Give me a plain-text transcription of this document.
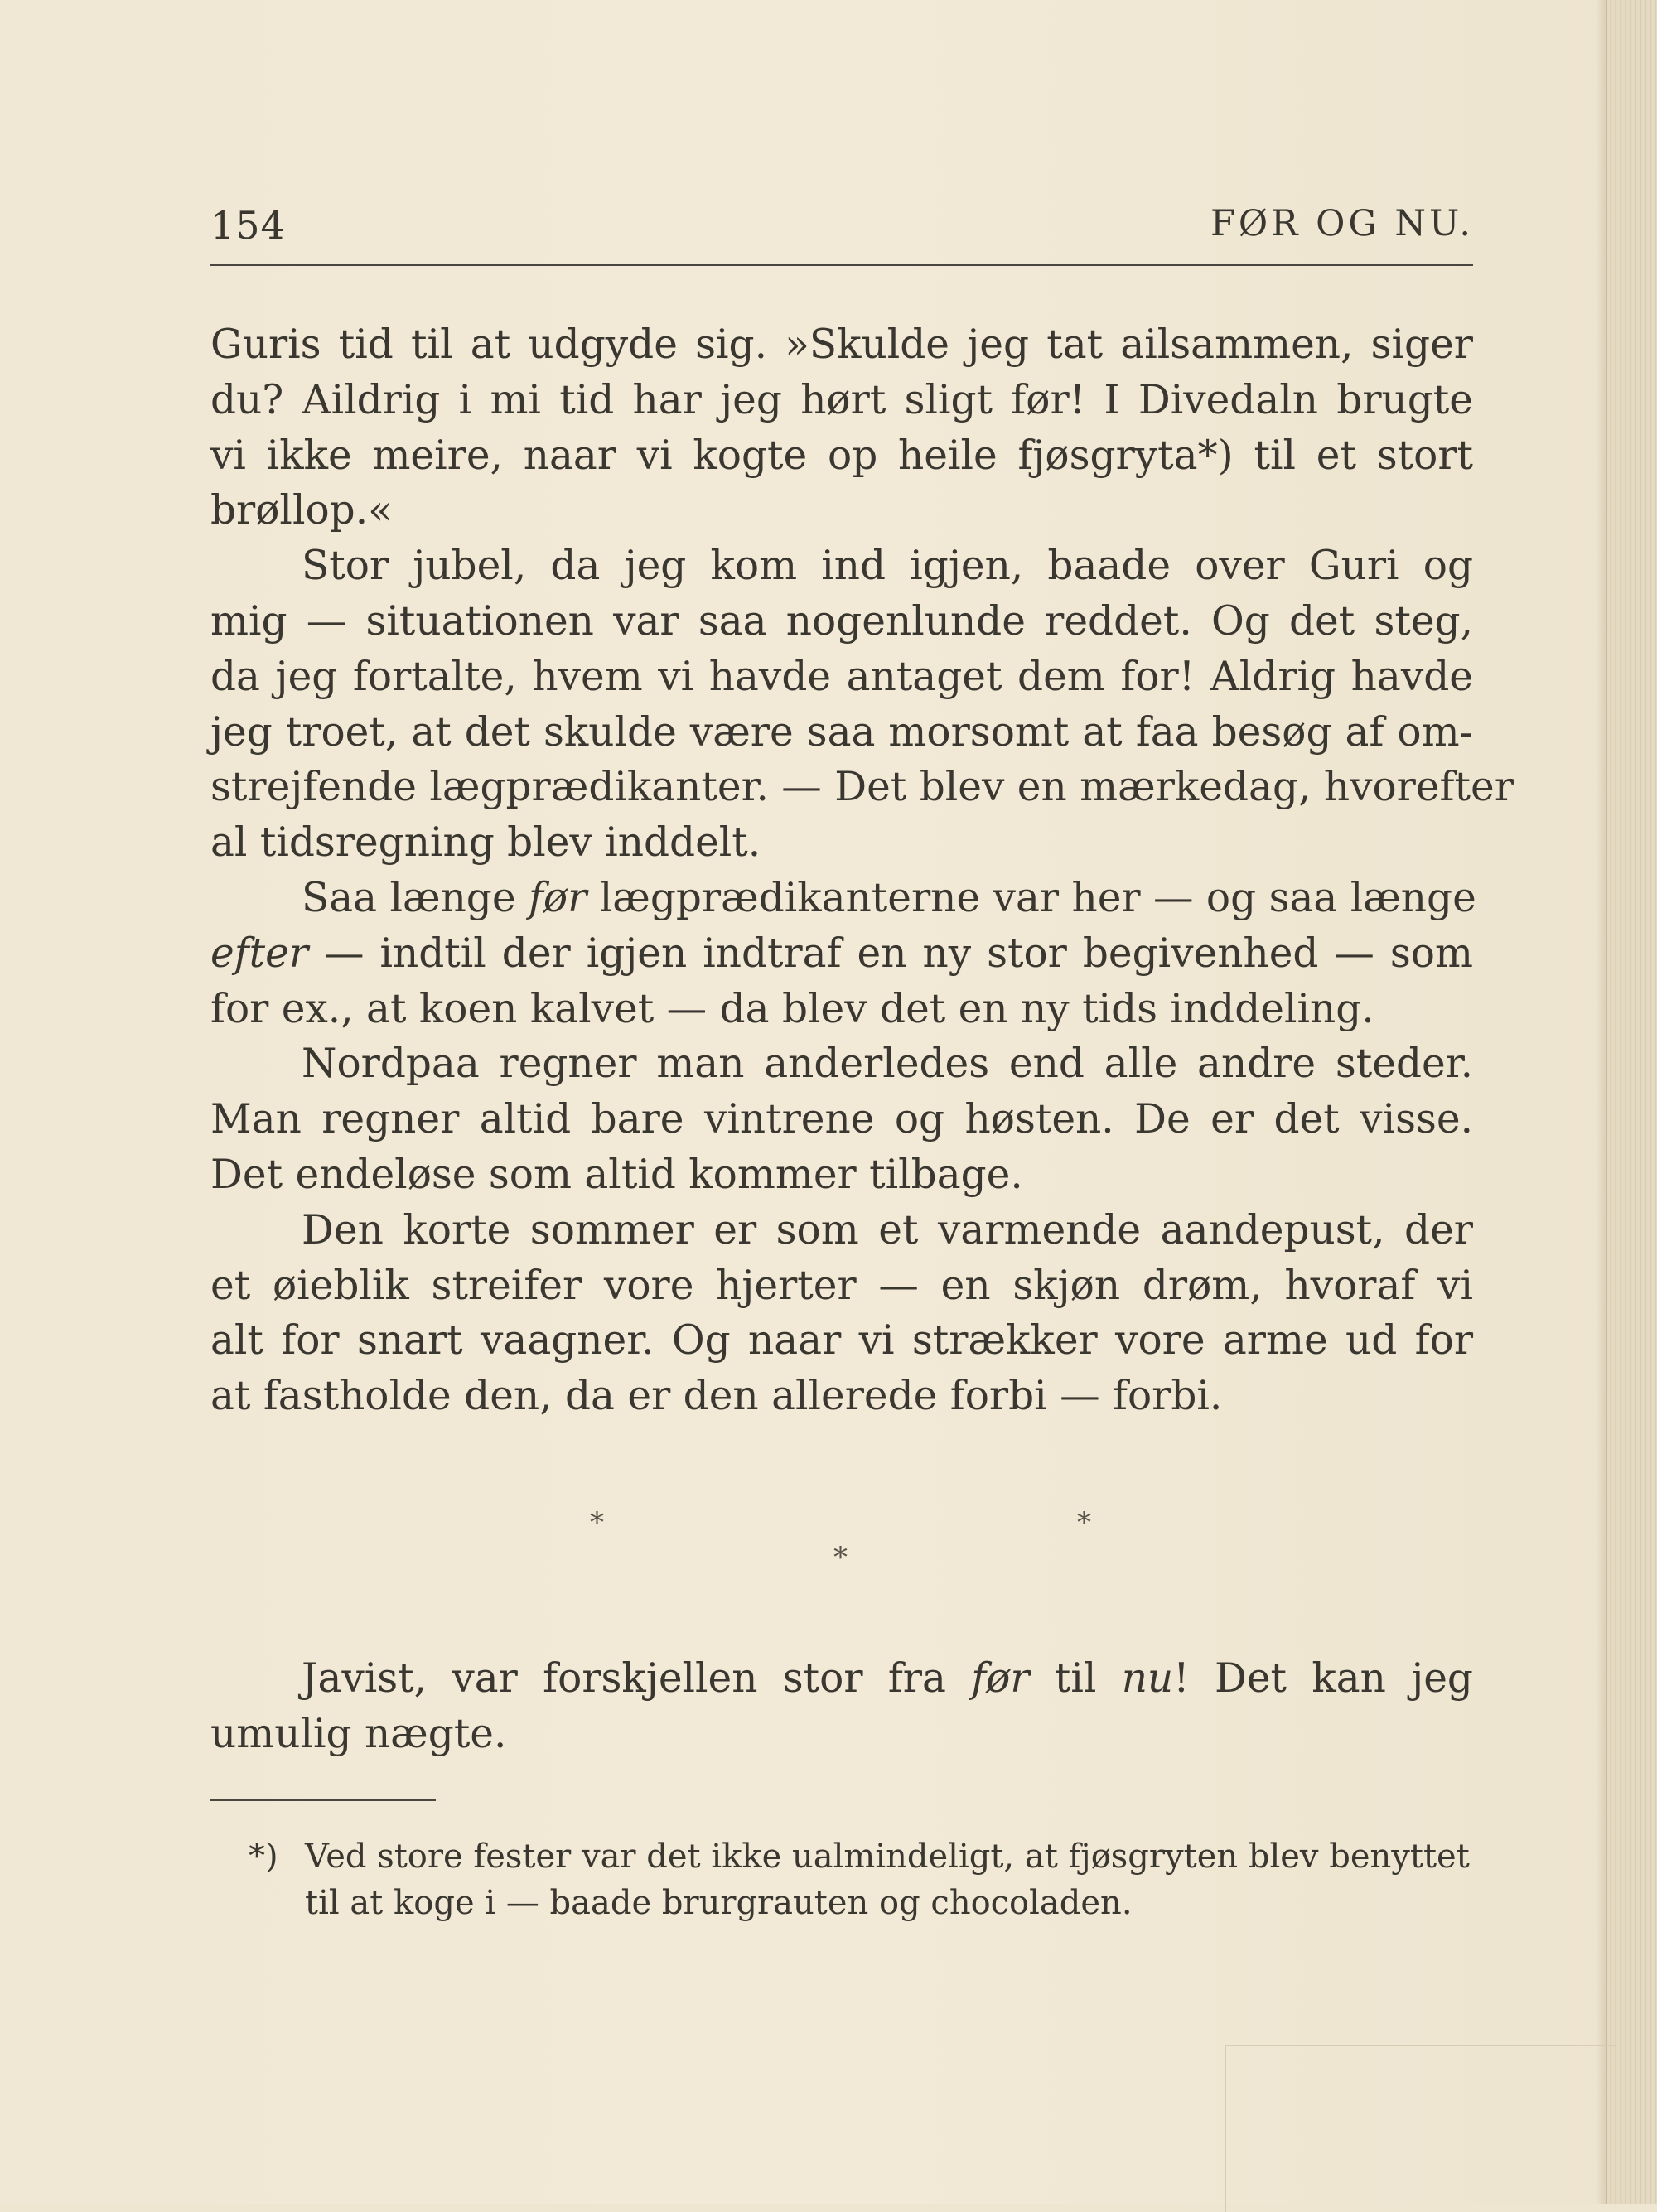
154	FØR OG NU.
Guris tid til at udgyde sig. »Skulde jeg tat ailsammen, siger
du? Aildrig i mi tid har jeg hørt sligt før! I Divedaln brugte
vi ikke meire, naar vi kogte op heile fjøsgryta*) til et stort
brøllop.«
Stor jubel, da jeg kom ind igjen, baade over Guri og
mig — situationen var saa nogenlunde reddet. Og det steg,
da jeg fortalte, hvem vi havde antaget dem for! Aldrig havde
jeg troet, at det skulde være saa morsomt at faa besøg af om-
strejfende lægprædikanter. — Det blev en mærkedag, hvorefter
al tidsregning blev inddelt.
Saa længe før lægprædikanterne var her — og saa længe
efter — indtil der igjen indtraf en ny stor begivenhed — som
for ex., at koen kalvet — da blev det en ny tids inddeling.
Nordpaa regner man anderledes end alle andre steder.
Man regner altid bare vintrene og høsten. De er det visse.
Det endeløse som altid kommer tilbage.
Den korte sommer er som et varmende aandepust, der
et øieblik streifer vore hjerter — en skjøn drøm, hvoraf vi
alt for snart vaagner. Og naar vi strækker vore arme ud for
at fastholde den, da er den allerede forbi — forbi.
*	*
*
Javist, var forskjellen stor fra før til nu! Det kan jeg
umulig nægte.
*) Ved store fester var det ikke ualmindeligt, at fjøsgryten blev benyttet
til at koge i — baade brurgrauten og chocoladen.
